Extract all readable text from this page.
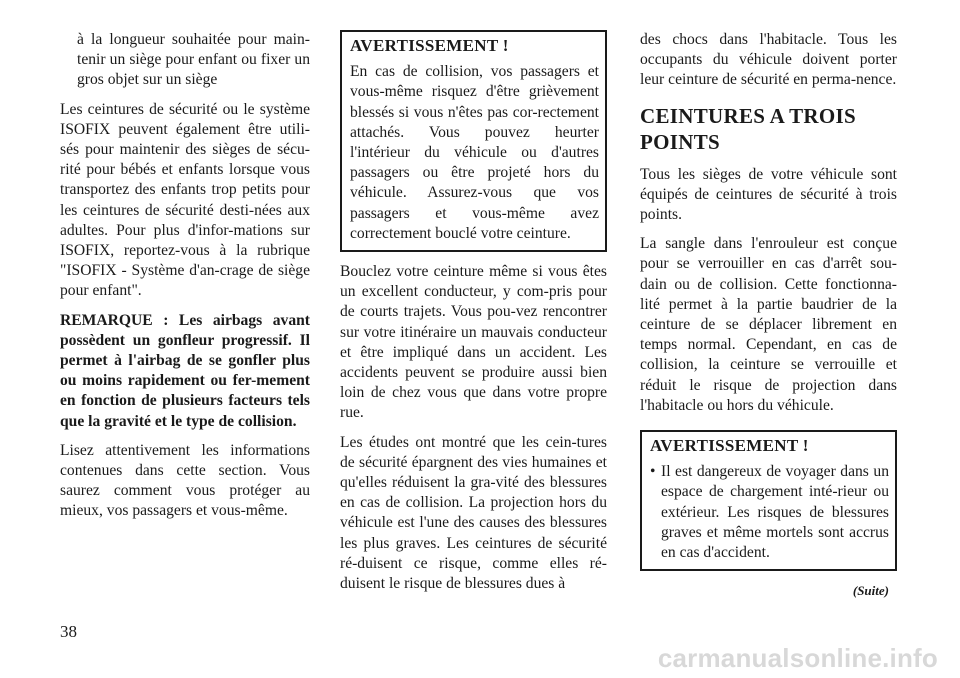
à la longueur souhaitée pour main-tenir un siège pour enfant ou fixer un gros objet sur un siège

Les ceintures de sécurité ou le système ISOFIX peuvent également être utili-sés pour maintenir des sièges de sécu-rité pour bébés et enfants lorsque vous transportez des enfants trop petits pour les ceintures de sécurité desti-nées aux adultes. Pour plus d'infor-mations sur ISOFIX, reportez-vous à la rubrique "ISOFIX - Système d'an-crage de siège pour enfant".

REMARQUE : Les airbags avant possèdent un gonfleur progressif. Il permet à l'airbag de se gonfler plus ou moins rapidement ou fer-mement en fonction de plusieurs facteurs tels que la gravité et le type de collision.

Lisez attentivement les informations contenues dans cette section. Vous saurez comment vous protéger au mieux, vos passagers et vous-même.

AVERTISSEMENT !

En cas de collision, vos passagers et vous-même risquez d'être grièvement blessés si vous n'êtes pas cor-rectement attachés. Vous pouvez heurter l'intérieur du véhicule ou d'autres passagers ou être projeté hors du véhicule. Assurez-vous que vos passagers et vous-même avez correctement bouclé votre ceinture.

Bouclez votre ceinture même si vous êtes un excellent conducteur, y com-pris pour de courts trajets. Vous pou-vez rencontrer sur votre itinéraire un mauvais conducteur et être impliqué dans un accident. Les accidents peuvent se produire aussi bien loin de chez vous que dans votre propre rue.

Les études ont montré que les cein-tures de sécurité épargnent des vies humaines et qu'elles réduisent la gra-vité des blessures en cas de collision. La projection hors du véhicule est l'une des causes des blessures les plus graves. Les ceintures de sécurité ré-duisent ce risque, comme elles ré-duisent le risque de blessures dues à

des chocs dans l'habitacle. Tous les occupants du véhicule doivent porter leur ceinture de sécurité en perma-nence.

CEINTURES A TROIS POINTS

Tous les sièges de votre véhicule sont équipés de ceintures de sécurité à trois points.

La sangle dans l'enrouleur est conçue pour se verrouiller en cas d'arrêt sou-dain ou de collision. Cette fonctionna-lité permet à la partie baudrier de la ceinture de se déplacer librement en temps normal. Cependant, en cas de collision, la ceinture se verrouille et réduit le risque de projection dans l'habitacle ou hors du véhicule.

AVERTISSEMENT !
• Il est dangereux de voyager dans un espace de chargement inté-rieur ou extérieur. Les risques de blessures graves et même mortels sont accrus en cas d'accident.
(Suite)
38
carmanualsonline.info
